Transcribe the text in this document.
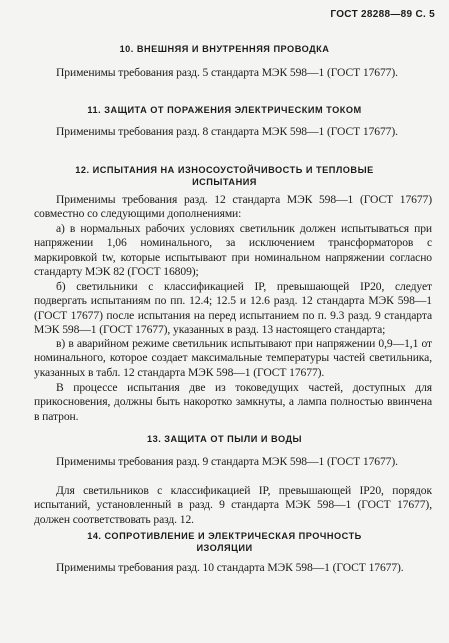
ГОСТ 28288—89 С. 5
10. ВНЕШНЯЯ И ВНУТРЕННЯЯ ПРОВОДКА
Применимы требования разд. 5 стандарта МЭК 598—1 (ГОСТ 17677).
11. ЗАЩИТА ОТ ПОРАЖЕНИЯ ЭЛЕКТРИЧЕСКИМ ТОКОМ
Применимы требования разд. 8 стандарта МЭК 598—1 (ГОСТ 17677).
12. ИСПЫТАНИЯ НА ИЗНОСОУСТОЙЧИВОСТЬ И ТЕПЛОВЫЕ
ИСПЫТАНИЯ
Применимы требования разд. 12 стандарта МЭК 598—1 (ГОСТ 17677) совместно со следующими дополнениями:
а) в нормальных рабочих условиях светильник должен испытываться при напряжении 1,06 номинального, за исключением трансформаторов с маркировкой tw, которые испытывают при номинальном напряжении согласно стандарту МЭК 82 (ГОСТ 16809);
б) светильники с классификацией IP, превышающей IP20, следует подвергать испытаниям по пп. 12.4; 12.5 и 12.6 разд. 12 стандарта МЭК 598—1 (ГОСТ 17677) после испытания на перед испытанием по п. 9.3 разд. 9 стандарта МЭК 598—1 (ГОСТ 17677), указанных в разд. 13 настоящего стандарта;
в) в аварийном режиме светильник испытывают при напряжении 0,9—1,1 от номинального, которое создает максимальные температуры частей светильника, указанных в табл. 12 стандарта МЭК 598—1 (ГОСТ 17677).
В процессе испытания две из токоведущих частей, доступных для прикосновения, должны быть накоротко замкнуты, а лампа полностью ввинчена в патрон.
13. ЗАЩИТА ОТ ПЫЛИ И ВОДЫ
Применимы требования разд. 9 стандарта МЭК 598—1 (ГОСТ 17677).
Для светильников с классификацией IP, превышающей IP20, порядок испытаний, установленный в разд. 9 стандарта МЭК 598—1 (ГОСТ 17677), должен соответствовать разд. 12.
14. СОПРОТИВЛЕНИЕ И ЭЛЕКТРИЧЕСКАЯ ПРОЧНОСТЬ
ИЗОЛЯЦИИ
Применимы требования разд. 10 стандарта МЭК 598—1 (ГОСТ 17677).
